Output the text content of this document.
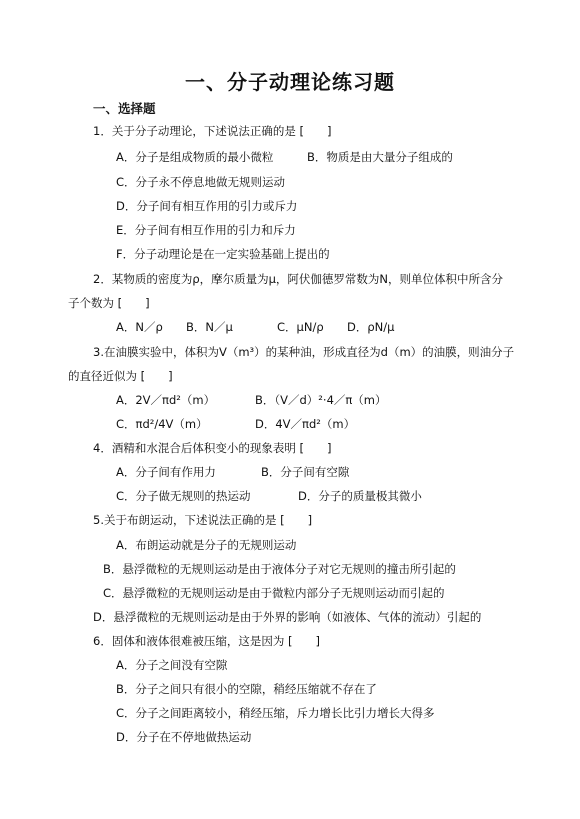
一、分子动理论练习题
一、选择题
1．关于分子动理论，下述说法正确的是 [　　]
A．分子是组成物质的最小微粒	B．物质是由大量分子组成的
C．分子永不停息地做无规则运动
D．分子间有相互作用的引力或斥力
E．分子间有相互作用的引力和斥力
F．分子动理论是在一定实验基础上提出的
2．某物质的密度为ρ，摩尔质量为μ，阿伏伽德罗常数为N，则单位体积中所含分
子个数为 [　　]
A．N／ρ B．N／μ	C．μN/ρ D．ρN/μ
3.在油膜实验中，体积为V（m³）的某种油，形成直径为d（m）的油膜，则油分子
的直径近似为 [　　]
A．2V／πd²（m）	B．（V／d）²·4／π（m）
C．πd²/4V（m）	D．4V／πd²（m）
4．酒精和水混合后体积变小的现象表明 [　　]
A．分子间有作用力	B．分子间有空隙
C．分子做无规则的热运动	D．分子的质量极其微小
5.关于布朗运动，下述说法正确的是 [　　]
A．布朗运动就是分子的无规则运动
B．悬浮微粒的无规则运动是由于液体分子对它无规则的撞击所引起的
C．悬浮微粒的无规则运动是由于微粒内部分子无规则运动而引起的
D．悬浮微粒的无规则运动是由于外界的影响（如液体、气体的流动）引起的
6．固体和液体很难被压缩，这是因为 [　　]
A．分子之间没有空隙
B．分子之间只有很小的空隙，稍经压缩就不存在了
C．分子之间距离较小，稍经压缩，斥力增长比引力增长大得多
D．分子在不停地做热运动
